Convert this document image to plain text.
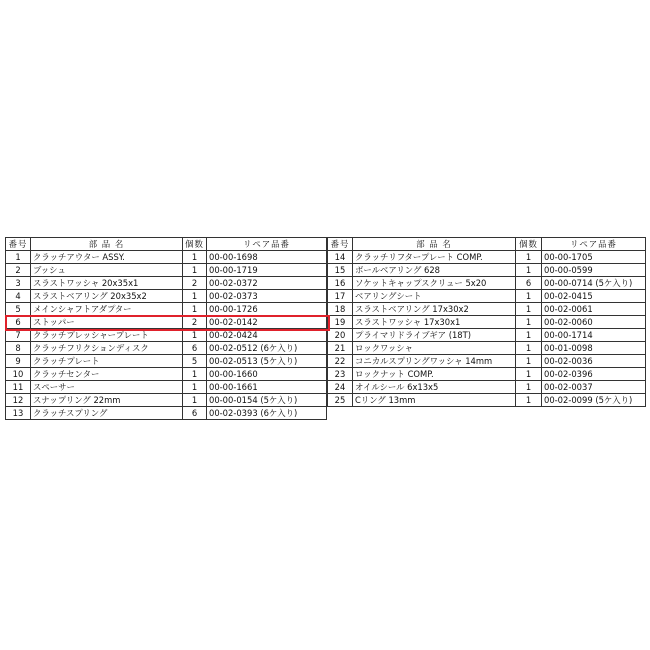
番号	部 品 名	個数	リペア品番
1	クラッチアウター ASSY.	1	00-00-1698
2	ブッシュ	1	00-00-1719
3	スラストワッシャ 20x35x1	2	00-02-0372
4	スラストベアリング 20x35x2	1	00-02-0373
5	メインシャフトアダプター	1	00-00-1726
6	ストッパー	2	00-02-0142
7	クラッチプレッシャープレート	1	00-02-0424
8	クラッチフリクションディスク	6	00-02-0512 (6ケ入り)
9	クラッチプレート	5	00-02-0513 (5ケ入り)
10	クラッチセンター	1	00-00-1660
11	スペーサー	1	00-00-1661
12	スナップリング 22mm	1	00-00-0154 (5ケ入り)
13	クラッチスプリング	6	00-02-0393 (6ケ入り)
番号	部 品 名	個数	リペア品番
14	クラッチリフタープレート COMP.	1	00-00-1705
15	ボールベアリング 628	1	00-00-0599
16	ソケットキャップスクリュー 5x20	6	00-00-0714 (5ケ入り)
17	ベアリングシート	1	00-02-0415
18	スラストベアリング 17x30x2	1	00-02-0061
19	スラストワッシャ 17x30x1	1	00-02-0060
20	プライマリドライブギア (18T)	1	00-00-1714
21	ロックワッシャ	1	00-01-0098
22	コニカルスプリングワッシャ 14mm	1	00-02-0036
23	ロックナット COMP.	1	00-02-0396
24	オイルシール 6x13x5	1	00-02-0037
25	Cリング 13mm	1	00-02-0099 (5ケ入り)
